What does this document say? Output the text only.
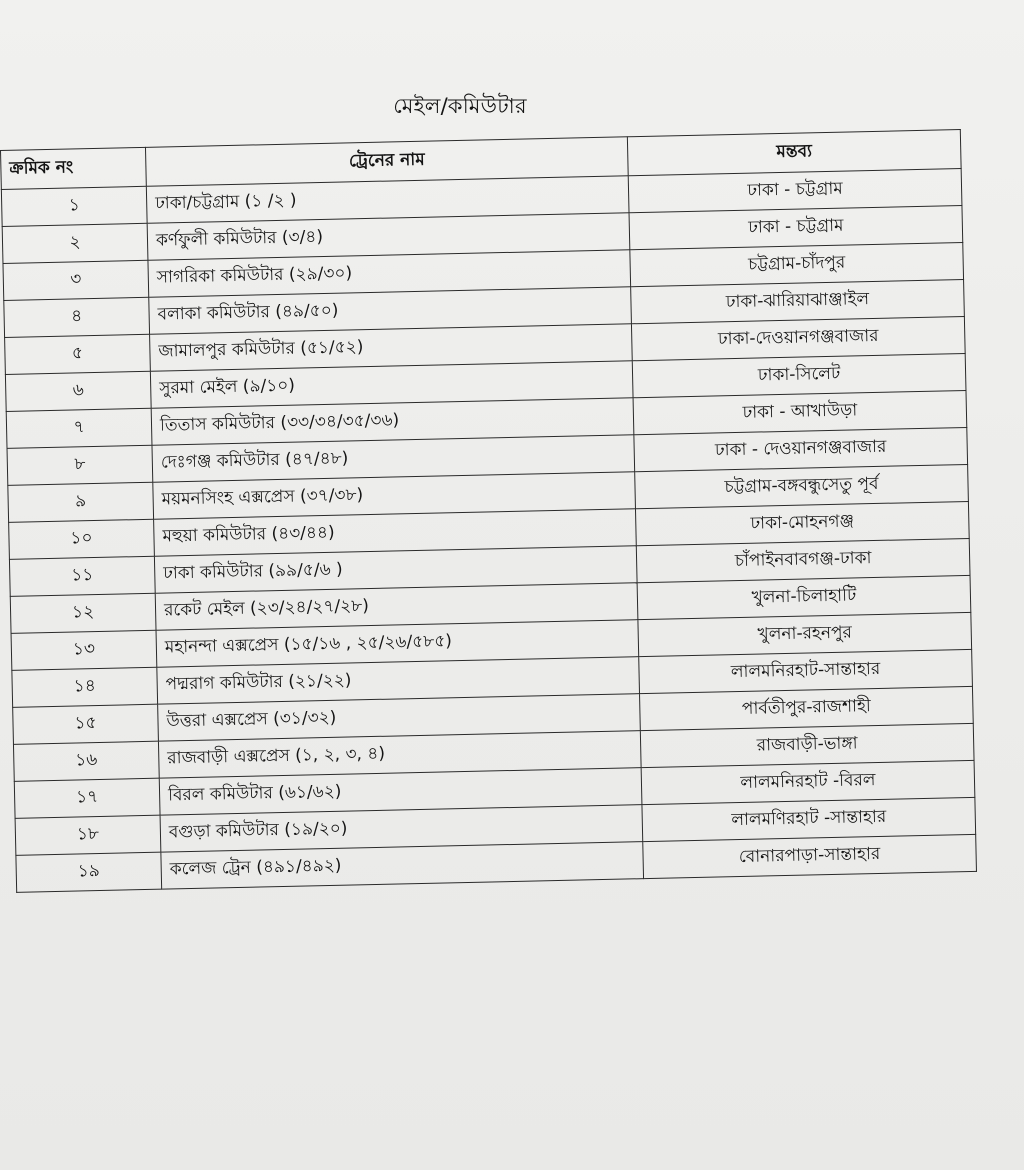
মেইল/কমিউটার
ক্রমিক নং	ট্রেনের নাম	মন্তব্য
১	ঢাকা/চট্টগ্রাম (১ /২ )	ঢাকা - চট্টগ্রাম
২	কর্ণফুলী কমিউটার (৩/৪)	ঢাকা - চট্টগ্রাম
৩	সাগরিকা কমিউটার (২৯/৩০)	চট্টগ্রাম-চাঁদপুর
৪	বলাকা কমিউটার (৪৯/৫০)	ঢাকা-ঝারিয়াঝাঞ্জাইল
৫	জামালপুর কমিউটার (৫১/৫২)	ঢাকা-দেওয়ানগঞ্জবাজার
৬	সুরমা মেইল (৯/১০)	ঢাকা-সিলেট
৭	তিতাস কমিউটার (৩৩/৩৪/৩৫/৩৬)	ঢাকা - আখাউড়া
৮	দেঃগঞ্জ কমিউটার (৪৭/৪৮)	ঢাকা - দেওয়ানগঞ্জবাজার
৯	ময়মনসিংহ এক্সপ্রেস (৩৭/৩৮)	চট্টগ্রাম-বঙ্গবন্ধুসেতু পূর্ব
১০	মহুয়া কমিউটার (৪৩/৪৪)	ঢাকা-মোহনগঞ্জ
১১	ঢাকা কমিউটার (৯৯/৫/৬ )	চাঁপাইনবাবগঞ্জ-ঢাকা
১২	রকেট মেইল (২৩/২৪/২৭/২৮)	খুলনা-চিলাহাটি
১৩	মহানন্দা এক্সপ্রেস (১৫/১৬ , ২৫/২৬/৫৮৫)	খুলনা-রহনপুর
১৪	পদ্মরাগ কমিউটার (২১/২২)	লালমনিরহাট-সান্তাহার
১৫	উত্তরা এক্সপ্রেস (৩১/৩২)	পার্বতীপুর-রাজশাহী
১৬	রাজবাড়ী এক্সপ্রেস (১, ২, ৩, ৪)	রাজবাড়ী-ভাঙ্গা
১৭	বিরল কমিউটার (৬১/৬২)	লালমনিরহাট -বিরল
১৮	বগুড়া কমিউটার (১৯/২০)	লালমণিরহাট -সান্তাহার
১৯	কলেজ ট্রেন (৪৯১/৪৯২)	বোনারপাড়া-সান্তাহার
